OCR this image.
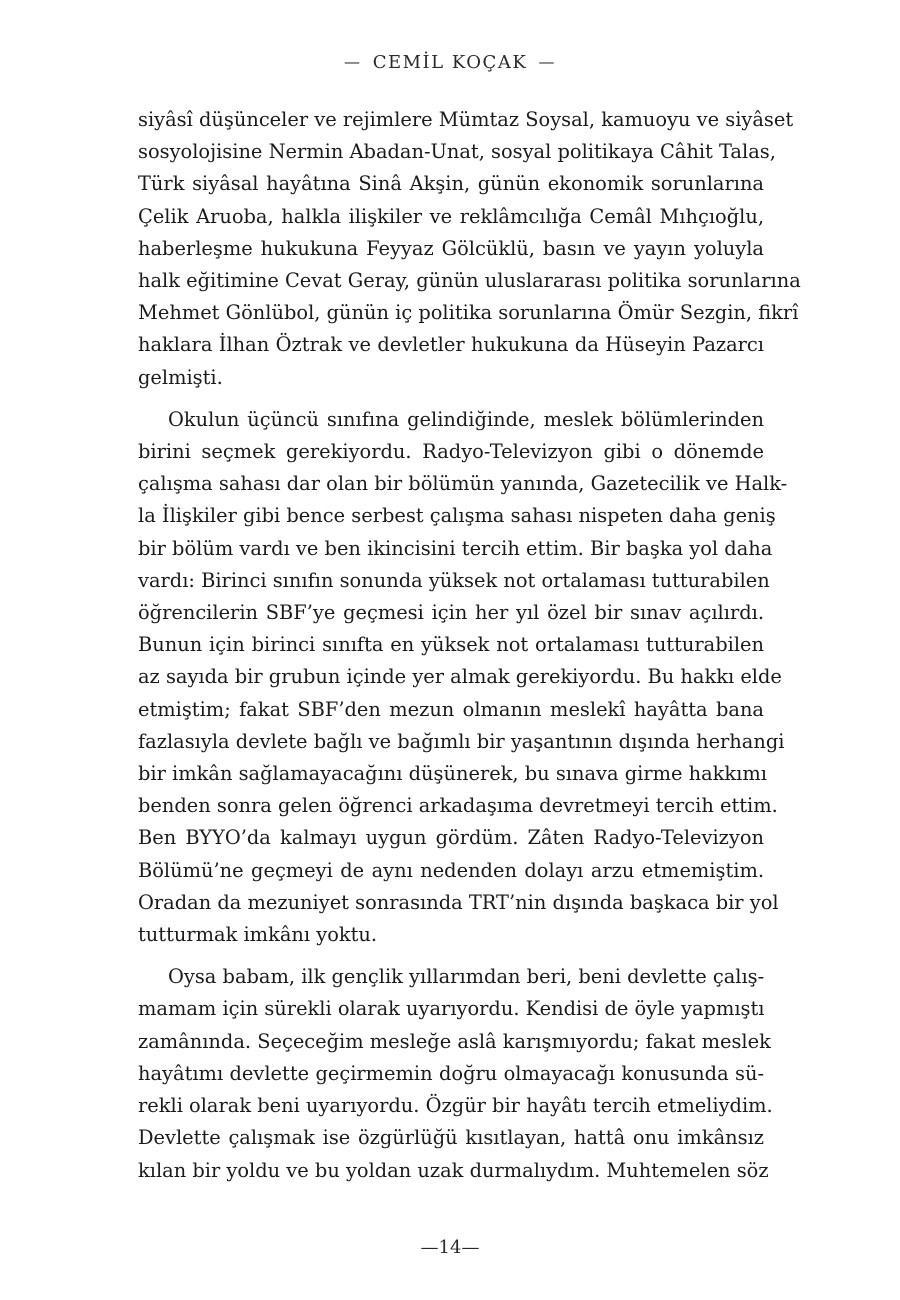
— CEMİL KOÇAK —
siyâsî düşünceler ve rejimlere Mümtaz Soysal, kamuoyu ve siyâset
sosyolojisine Nermin Abadan-Unat, sosyal politikaya Câhit Talas,
Türk siyâsal hayâtına Sinâ Akşin, günün ekonomik sorunlarına
Çelik Aruoba, halkla ilişkiler ve reklâmcılığa Cemâl Mıhçıoğlu,
haberleşme hukukuna Feyyaz Gölcüklü, basın ve yayın yoluyla
halk eğitimine Cevat Geray, günün uluslararası politika sorunlarına
Mehmet Gönlübol, günün iç politika sorunlarına Ömür Sezgin, fikrî
haklara İlhan Öztrak ve devletler hukukuna da Hüseyin Pazarcı
gelmişti.
Okulun üçüncü sınıfına gelindiğinde, meslek bölümlerinden
birini seçmek gerekiyordu. Radyo-Televizyon gibi o dönemde
çalışma sahası dar olan bir bölümün yanında, Gazetecilik ve Halk-
la İlişkiler gibi bence serbest çalışma sahası nispeten daha geniş
bir bölüm vardı ve ben ikincisini tercih ettim. Bir başka yol daha
vardı: Birinci sınıfın sonunda yüksek not ortalaması tutturabilen
öğrencilerin SBF’ye geçmesi için her yıl özel bir sınav açılırdı.
Bunun için birinci sınıfta en yüksek not ortalaması tutturabilen
az sayıda bir grubun içinde yer almak gerekiyordu. Bu hakkı elde
etmiştim; fakat SBF’den mezun olmanın meslekî hayâtta bana
fazlasıyla devlete bağlı ve bağımlı bir yaşantının dışında herhangi
bir imkân sağlamayacağını düşünerek, bu sınava girme hakkımı
benden sonra gelen öğrenci arkadaşıma devretmeyi tercih ettim.
Ben BYYO’da kalmayı uygun gördüm. Zâten Radyo-Televizyon
Bölümü’ne geçmeyi de aynı nedenden dolayı arzu etmemiştim.
Oradan da mezuniyet sonrasında TRT’nin dışında başkaca bir yol
tutturmak imkânı yoktu.
Oysa babam, ilk gençlik yıllarımdan beri, beni devlette çalış-
mamam için sürekli olarak uyarıyordu. Kendisi de öyle yapmıştı
zamânında. Seçeceğim mesleğe aslâ karışmıyordu; fakat meslek
hayâtımı devlette geçirmemin doğru olmayacağı konusunda sü-
rekli olarak beni uyarıyordu. Özgür bir hayâtı tercih etmeliydim.
Devlette çalışmak ise özgürlüğü kısıtlayan, hattâ onu imkânsız
kılan bir yoldu ve bu yoldan uzak durmalıydım. Muhtemelen söz
—14—
